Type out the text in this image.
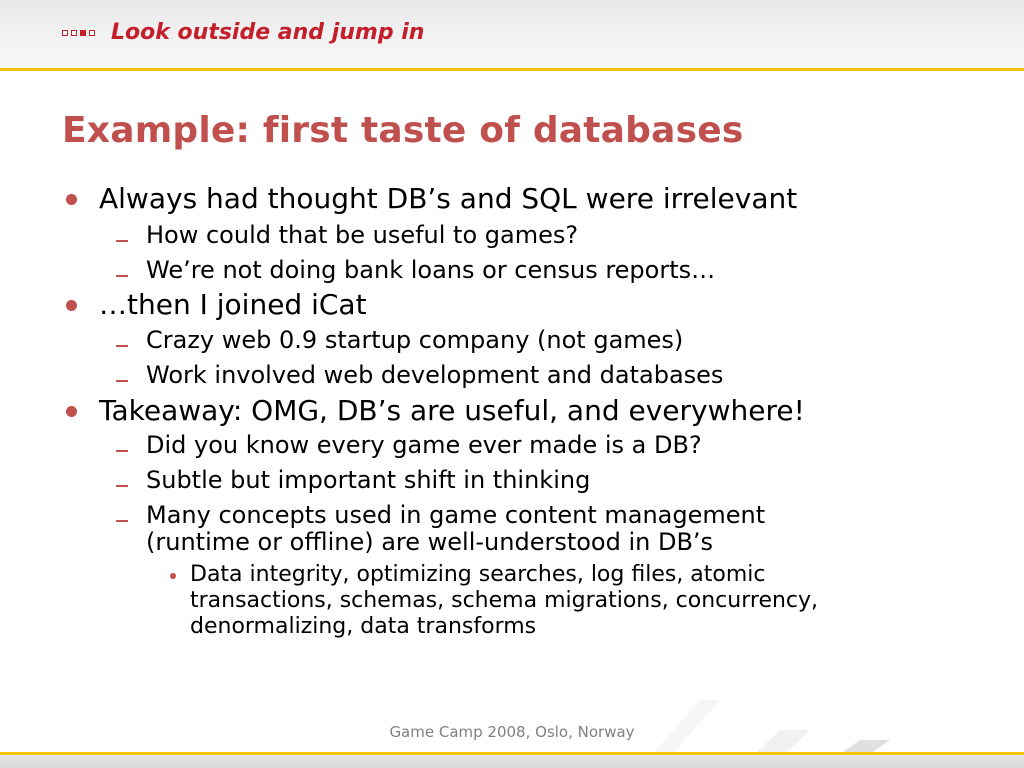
Look outside and jump in
Example: first taste of databases
Always had thought DB’s and SQL were irrelevant
How could that be useful to games?
We’re not doing bank loans or census reports…
…then I joined iCat
Crazy web 0.9 startup company (not games)
Work involved web development and databases
Takeaway: OMG, DB’s are useful, and everywhere!
Did you know every game ever made is a DB?
Subtle but important shift in thinking
Many concepts used in game content management
(runtime or offline) are well-understood in DB’s
Data integrity, optimizing searches, log files, atomic
transactions, schemas, schema migrations, concurrency,
denormalizing, data transforms
Game Camp 2008, Oslo, Norway
